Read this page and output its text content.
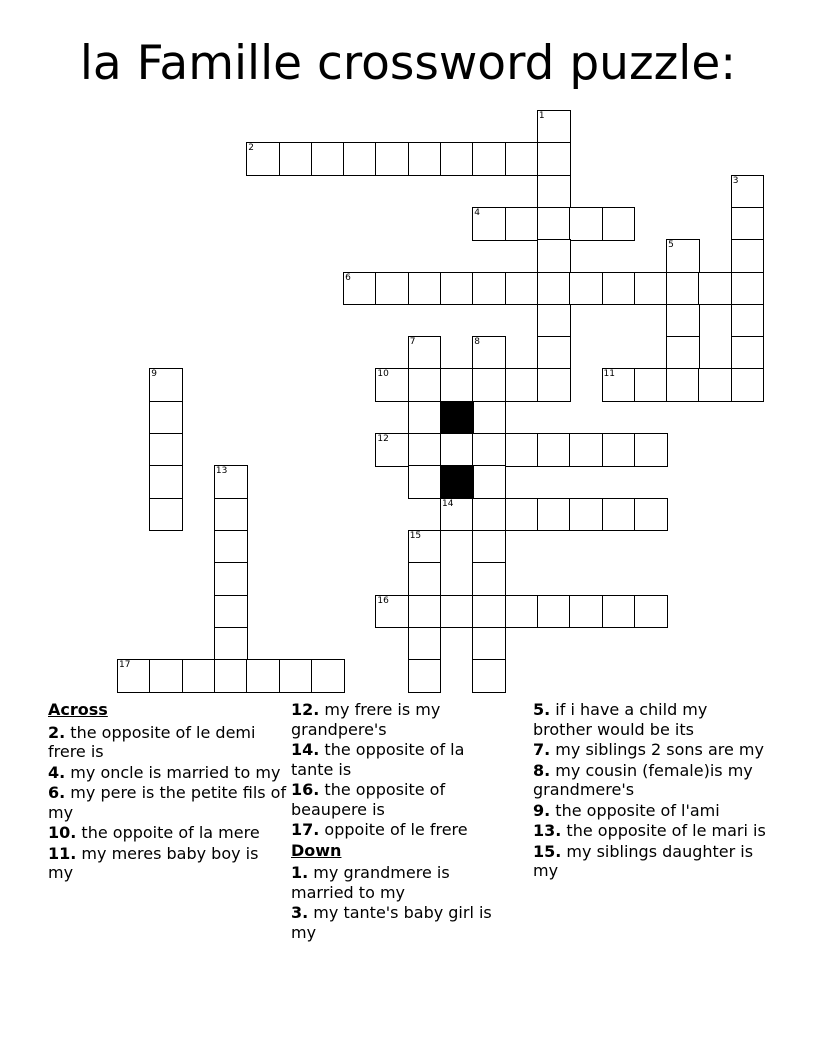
la Famille crossword puzzle:
1
2
3
4
5
6
7	8
9	10	11
12
13
14
15
16
17
Across
2. the opposite of le demi frere is
4. my oncle is married to my
6. my pere is the petite fils of my
10. the oppoite of la mere
11. my meres baby boy is my
12. my frere is my grandpere's
14. the opposite of la tante is
16. the opposite of beaupere is
17. oppoite of le frere
Down
1. my grandmere is married to my
3. my tante's baby girl is my
5. if i have a child my brother would be its
7. my siblings 2 sons are my
8. my cousin (female)is my grandmere's
9. the opposite of l'ami
13. the opposite of le mari is
15. my siblings daughter is my
